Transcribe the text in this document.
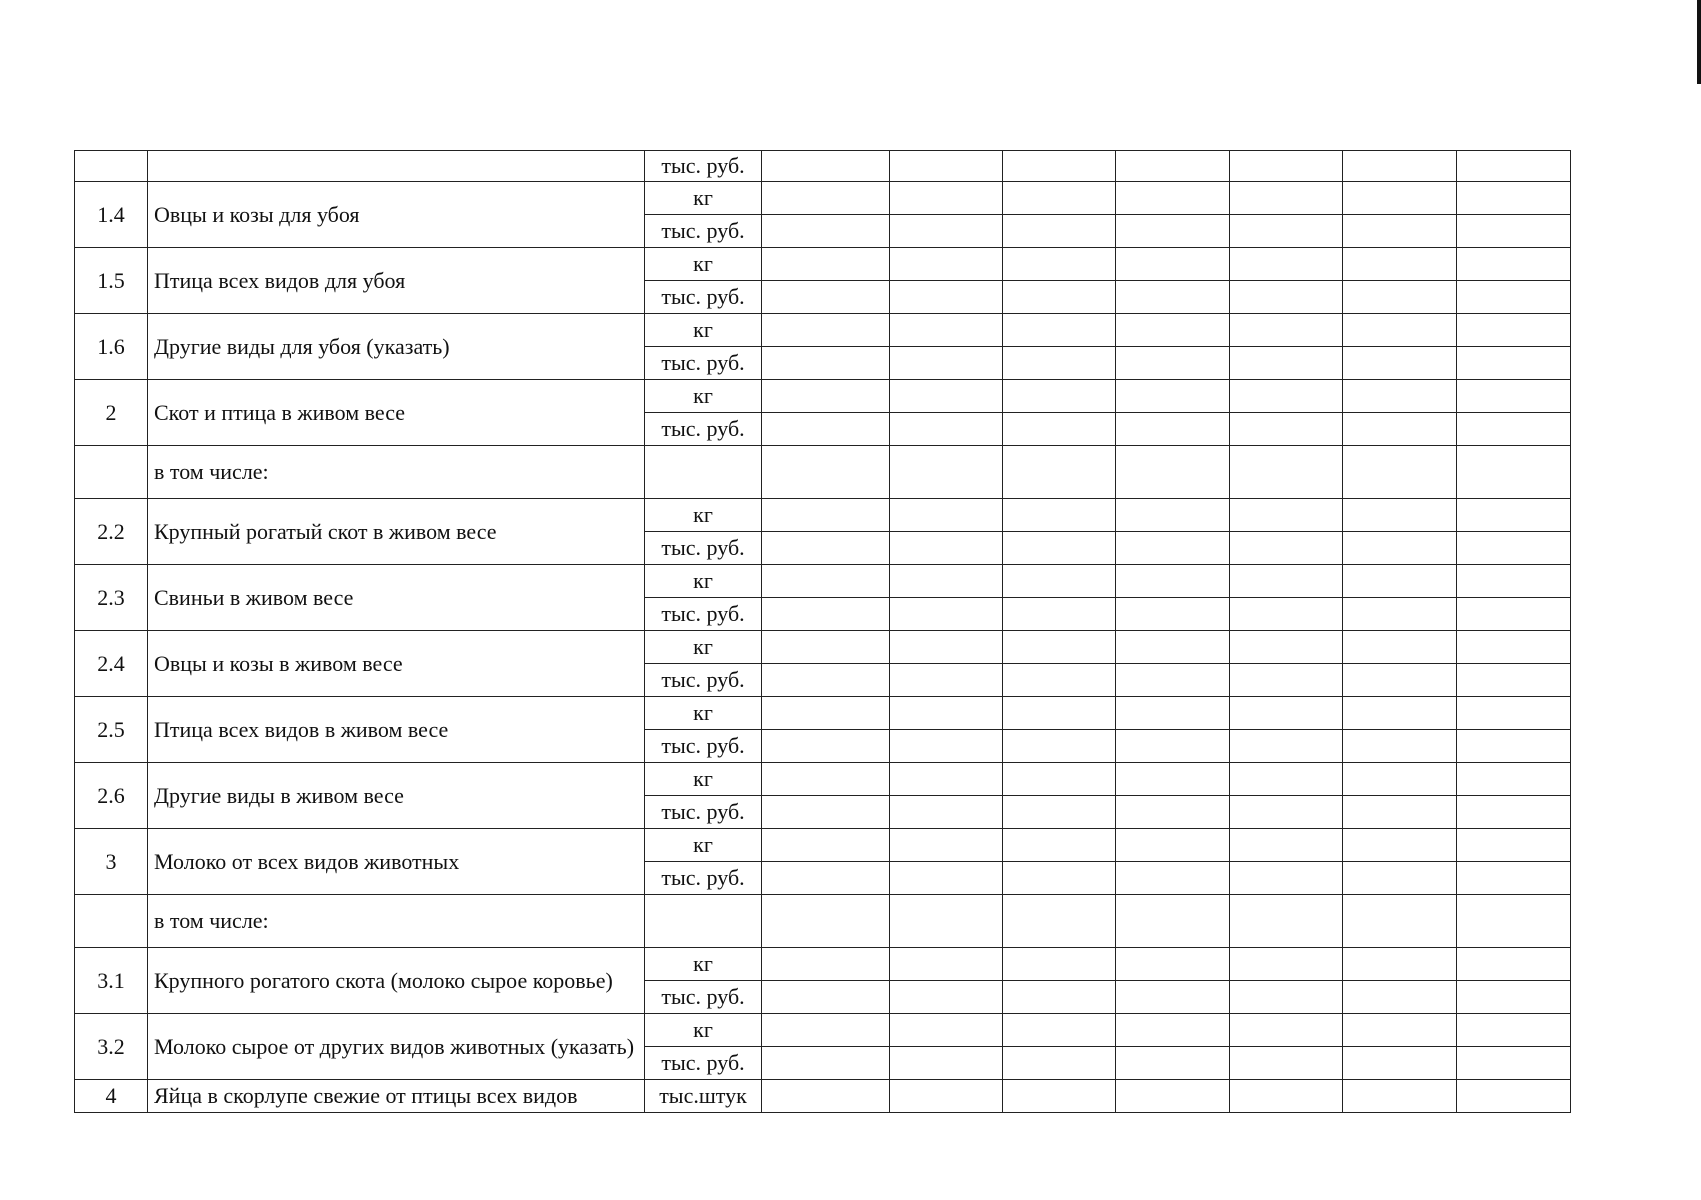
		тыс. руб.							
1.4	Овцы и козы для убоя	кг							
		тыс. руб.							
1.5	Птица всех видов для убоя	кг							
		тыс. руб.							
1.6	Другие виды для убоя (указать)	кг							
		тыс. руб.							
2	Скот и птица в живом весе	кг							
		тыс. руб.							
	в том числе:								
2.2	Крупный рогатый скот в живом весе	кг							
		тыс. руб.							
2.3	Свиньи в живом весе	кг							
		тыс. руб.							
2.4	Овцы и козы в живом весе	кг							
		тыс. руб.							
2.5	Птица всех видов в живом весе	кг							
		тыс. руб.							
2.6	Другие виды в живом весе	кг							
		тыс. руб.							
3	Молоко от всех видов животных	кг							
		тыс. руб.							
	в том числе:								
3.1	Крупного рогатого скота (молоко сырое коровье)	кг							
		тыс. руб.							
3.2	Молоко сырое от других видов животных (указать)	кг							
		тыс. руб.							
4	Яйца в скорлупе свежие от птицы всех видов	тыс.штук							
